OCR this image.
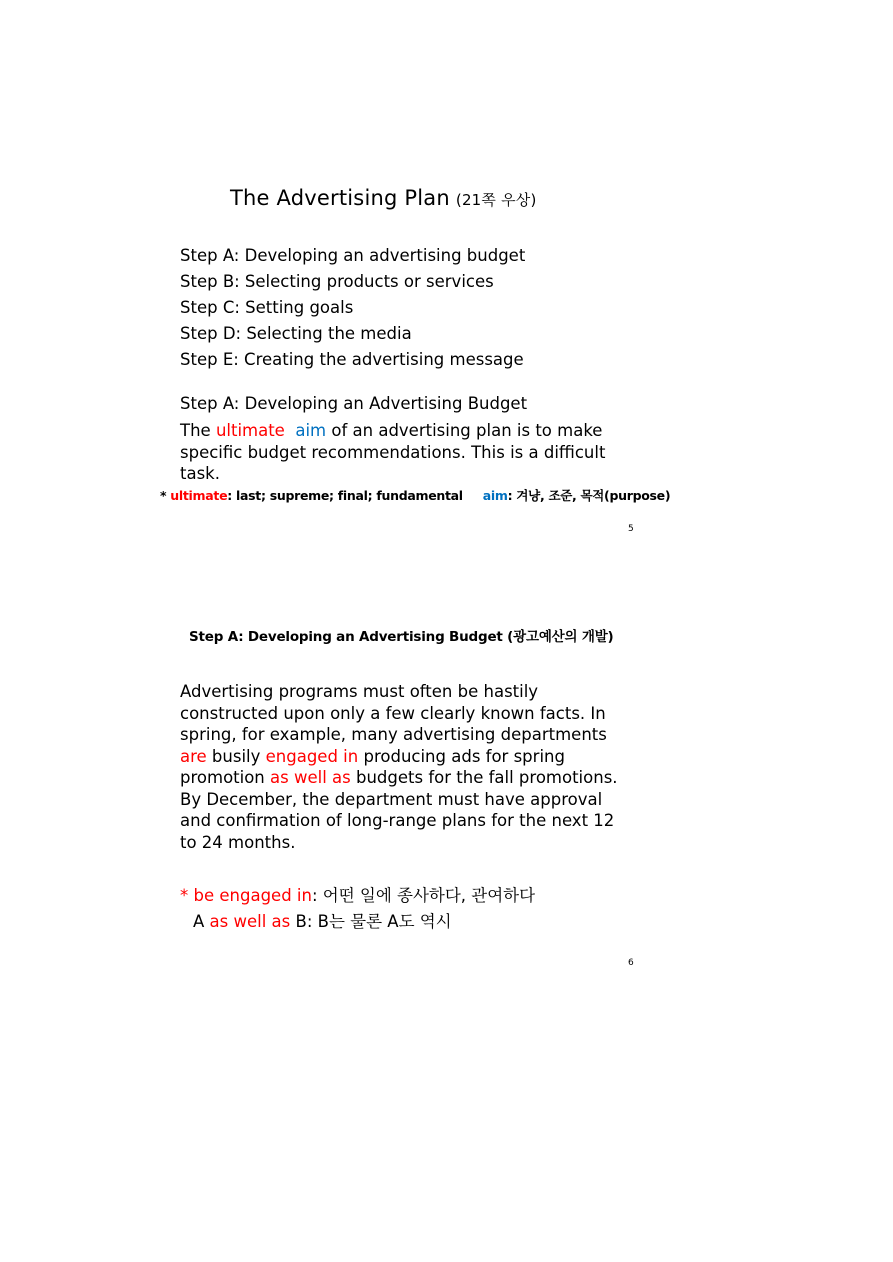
The Advertising Plan (21쪽 우상)
Step A: Developing an advertising budget
Step B: Selecting products or services
Step C: Setting goals
Step D: Selecting the media
Step E: Creating the advertising message
Step A: Developing an Advertising Budget
The ultimate aim of an advertising plan is to make
specific budget recommendations. This is a difficult
task.
* ultimate: last; supreme; final; fundamental aim: 겨냥, 조준, 목적(purpose)
5
Step A: Developing an Advertising Budget (광고예산의 개발)
Advertising programs must often be hastily
constructed upon only a few clearly known facts. In
spring, for example, many advertising departments
are busily engaged in producing ads for spring
promotion as well as budgets for the fall promotions.
By December, the department must have approval
and confirmation of long-range plans for the next 12
to 24 months.
* be engaged in: 어떤 일에 종사하다, 관여하다
A as well as B: B는 물론 A도 역시
6
